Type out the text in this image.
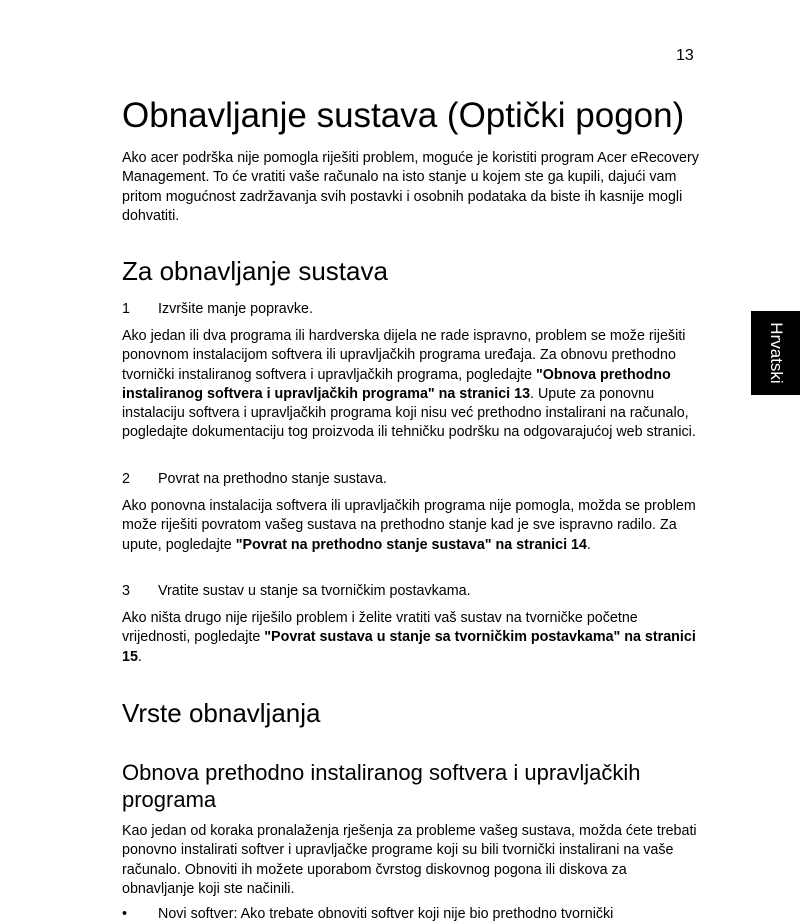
13
Hrvatski
Obnavljanje sustava (Optički pogon)

Ako acer podrška nije pomogla riješiti problem, moguće je koristiti program Acer eRecovery Management. To će vratiti vaše računalo na isto stanje u kojem ste ga kupili, dajući vam pritom mogućnost zadržavanja svih postavki i osobnih podataka da biste ih kasnije mogli dohvatiti.

Za obnavljanje sustava
1 Izvršite manje popravke.

Ako jedan ili dva programa ili hardverska dijela ne rade ispravno, problem se može riješiti ponovnom instalacijom softvera ili upravljačkih programa uređaja. Za obnovu prethodno tvornički instaliranog softvera i upravljačkih programa, pogledajte "Obnova prethodno instaliranog softvera i upravljačkih programa" na stranici 13. Upute za ponovnu instalaciju softvera i upravljačkih programa koji nisu već prethodno instalirani na računalo, pogledajte dokumentaciju tog proizvoda ili tehničku podršku na odgovarajućoj web stranici.

2 Povrat na prethodno stanje sustava.

Ako ponovna instalacija softvera ili upravljačkih programa nije pomogla, možda se problem može riješiti povratom vašeg sustava na prethodno stanje kad je sve ispravno radilo. Za upute, pogledajte "Povrat na prethodno stanje sustava" na stranici 14.

3 Vratite sustav u stanje sa tvorničkim postavkama.

Ako ništa drugo nije riješilo problem i želite vratiti vaš sustav na tvorničke početne vrijednosti, pogledajte "Povrat sustava u stanje sa tvorničkim postavkama" na stranici 15.

Vrste obnavljanja
Obnova prethodno instaliranog softvera i upravljačkih programa

Kao jedan od koraka pronalaženja rješenja za probleme vašeg sustava, možda ćete trebati ponovno instalirati softver i upravljačke programe koji su bili tvornički instalirani na vaše računalo. Obnoviti ih možete uporabom čvrstog diskovnog pogona ili diskova za obnavljanje koji ste načinili.

• Novi softver: Ako trebate obnoviti softver koji nije bio prethodno tvornički
